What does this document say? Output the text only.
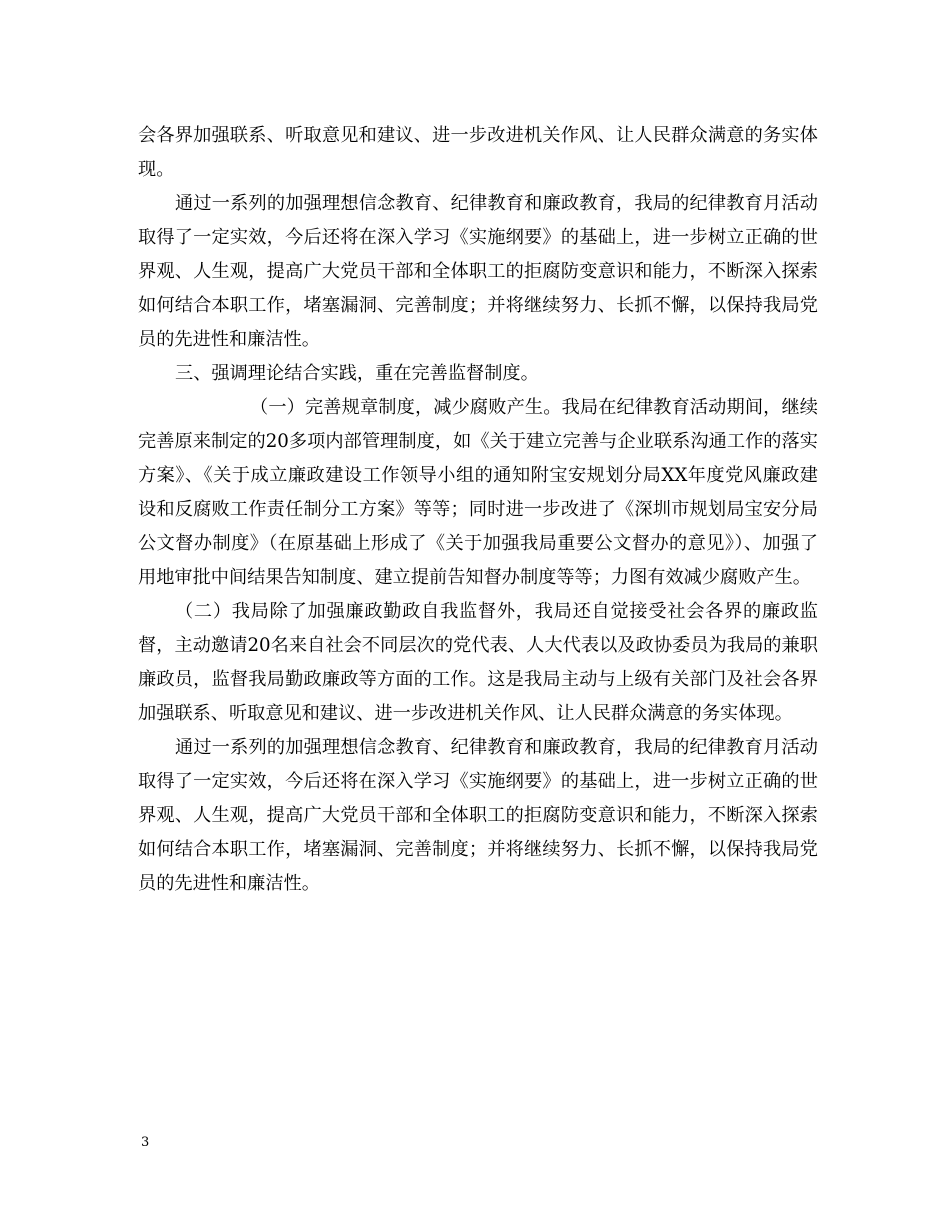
会各界加强联系、听取意见和建议、进一步改进机关作风、让人民群众满意的务实体现。

通过一系列的加强理想信念教育、纪律教育和廉政教育，我局的纪律教育月活动取得了一定实效，今后还将在深入学习《实施纲要》的基础上，进一步树立正确的世界观、人生观，提高广大党员干部和全体职工的拒腐防变意识和能力，不断深入探索如何结合本职工作，堵塞漏洞、完善制度；并将继续努力、长抓不懈，以保持我局党员的先进性和廉洁性。

三、强调理论结合实践，重在完善监督制度。

（一）完善规章制度，减少腐败产生。我局在纪律教育活动期间，继续完善原来制定的20多项内部管理制度，如《关于建立完善与企业联系沟通工作的落实方案》、《关于成立廉政建设工作领导小组的通知附宝安规划分局XX年度党风廉政建设和反腐败工作责任制分工方案》等等；同时进一步改进了《深圳市规划局宝安分局公文督办制度》（在原基础上形成了《关于加强我局重要公文督办的意见》）、加强了用地审批中间结果告知制度、建立提前告知督办制度等等；力图有效减少腐败产生。

（二）我局除了加强廉政勤政自我监督外，我局还自觉接受社会各界的廉政监督，主动邀请20名来自社会不同层次的党代表、人大代表以及政协委员为我局的兼职廉政员，监督我局勤政廉政等方面的工作。这是我局主动与上级有关部门及社会各界加强联系、听取意见和建议、进一步改进机关作风、让人民群众满意的务实体现。

通过一系列的加强理想信念教育、纪律教育和廉政教育，我局的纪律教育月活动取得了一定实效，今后还将在深入学习《实施纲要》的基础上，进一步树立正确的世界观、人生观，提高广大党员干部和全体职工的拒腐防变意识和能力，不断深入探索如何结合本职工作，堵塞漏洞、完善制度；并将继续努力、长抓不懈，以保持我局党员的先进性和廉洁性。

3
